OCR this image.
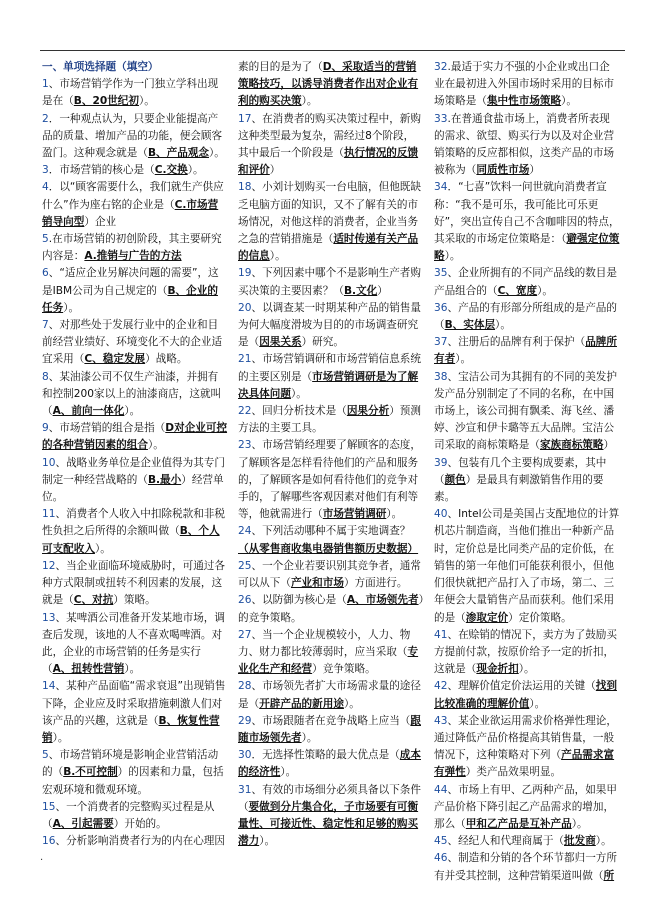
一、单项选择题（填空）

1、市场营销学作为一门独立学科出现是在（B、20世纪初）。

2．一种观点认为，只要企业能提高产品的质量、增加产品的功能，便会顾客盈门。这种观念就是（B、产品观念）。

3．市场营销的核心是（C.交换）。

4．以“顾客需要什么，我们就生产供应什么”作为座右铭的企业是（C.市场营销导向型）企业

5.在市场营销的初创阶段，其主要研究内容是：A.推销与广告的方法

6、“适应企业另解决问题的需要”，这是IBM公司为自己规定的（B、企业的任务）。

7、对那些处于发展行业中的企业和目前经营业绩好、环境变化不大的企业适宜采用（C、稳定发展）战略。

8、某油漆公司不仅生产油漆，并拥有和控制200家以上的油漆商店，这就叫（A、前向一体化）。

9、市场营销的组合是指（D对企业可控的各种营销因素的组合）。

10、战略业务单位是企业值得为其专门制定一种经营战略的（B.最小）经营单位。

11、消费者个人收入中扣除税款和非税性负担之后所得的余额叫做（B、个人可支配收入）。

12、当企业面临环境威胁时，可通过各种方式限制或扭转不利因素的发展，这就是（C、对抗）策略。

13、某啤酒公司准备开发某地市场，调查后发现，该地的人不喜欢喝啤酒。对此，企业的市场营销的任务是实行（A、扭转性营销）。

14、某种产品面临“需求衰退”出现销售下降，企业应及时采取措施刺激人们对该产品的兴趣，这就是（B、恢复性营销）。

5、市场营销环境是影响企业营销活动的（B.不可控制）的因素和力量，包括宏观环境和微观环境。

15、一个消费者的完整购买过程是从（A、引起需要）开始的。

16、分析影响消费者行为的内在心理因

素的目的是为了（D、采取适当的营销策略技巧，以诱导消费者作出对企业有利的购买决策）。

17、在消费者的购买决策过程中，新购这种类型最为复杂，需经过8个阶段，其中最后一个阶段是（执行情况的反馈和评价）

18、小刘计划购买一台电脑，但他既缺乏电脑方面的知识，又不了解有关的市场情况，对他这样的消费者，企业当务之急的营销措施是（适时传递有关产品的信息）。

19、下列因素中哪个不是影响生产者购买决策的主要因素？（B.文化）

20、以调查某一时期某种产品的销售量为何大幅度滑坡为目的的市场调查研究是（因果关系）研究。

21、市场营销调研和市场营销信息系统的主要区别是（市场营销调研是为了解决具体问题）。

22、回归分析技术是（因果分析）预测方法的主要工具。

23、市场营销经理要了解顾客的态度，了解顾客是怎样看待他们的产品和服务的，了解顾客是如何看待他们的竞争对手的，了解哪些客观因素对他们有利等等，他就需进行（市场营销调研）。

24、下列活动哪种不属于实地调查？（从零售商收集电器销售额历史数据）

25、一个企业若要识别其竞争者，通常可以从下（产业和市场）方面进行。

26、以防御为核心是（A、市场领先者）的竞争策略。

27、当一个企业规模较小，人力、物力、财力都比较薄弱时，应当采取（专业化生产和经营）竞争策略。

28、市场领先者扩大市场需求量的途径是（开辟产品的新用途）。

29、市场跟随者在竞争战略上应当（跟随市场领先者）。

30．无选择性策略的最大优点是（成本的经济性）。

31、有效的市场细分必须具备以下条件（要做到分片集合化，子市场要有可衡量性、可接近性、稳定性和足够的购买潜力）。

32.最适于实力不强的小企业或出口企业在最初进入外国市场时采用的目标市场策略是（集中性市场策略）。

33.在普通食盐市场上，消费者所表现的需求、欲望、购买行为以及对企业营销策略的反应都相似，这类产品的市场被称为（同质性市场）

34．“七喜”饮料一问世就向消费者宣称：“我不是可乐，我可能比可乐更好”，突出宣传自己不含咖啡因的特点，其采取的市场定位策略是：（避强定位策略）。

35、企业所拥有的不同产品线的数目是产品组合的（C、宽度）。

36、产品的有形部分所组成的是产品的（B、实体层）。

37、注册后的品牌有利于保护（品牌所有者）。

38、宝洁公司为其拥有的不同的美发护发产品分别制定了不同的名称，在中国市场上，该公司拥有飘柔、海飞丝、潘婷、沙宣和伊卡璐等五大品牌。宝洁公司采取的商标策略是（家族商标策略）

39、包装有几个主要构成要素，其中（颜色）是最具有刺激销售作用的要素。

40、Intel公司是美国占支配地位的计算机芯片制造商，当他们推出一种新产品时，定价总是比同类产品的定价低，在销售的第一年他们可能获利很小，但他们很快就把产品打入了市场，第二、三年便会大量销售产品而获利。他们采用的是（渗取定价）定价策略。

41、在赊销的情况下，卖方为了鼓励买方提前付款，按原价给予一定的折扣，这就是（现金折扣）。

42、理解价值定价法运用的关键（找到比较准确的理解价值）。

43、某企业欲运用需求价格弹性理论，通过降低产品价格提高其销售量，一般情况下，这种策略对下列（产品需求富有弹性）类产品效果明显。

44、市场上有甲、乙两种产品，如果甲产品价格下降引起乙产品需求的增加，那么（甲和乙产品是互补产品）。

45、经纪人和代理商属于（批发商）。

46、制造和分销的各个环节都归一方所有并受其控制，这种营销渠道叫做（所

.
